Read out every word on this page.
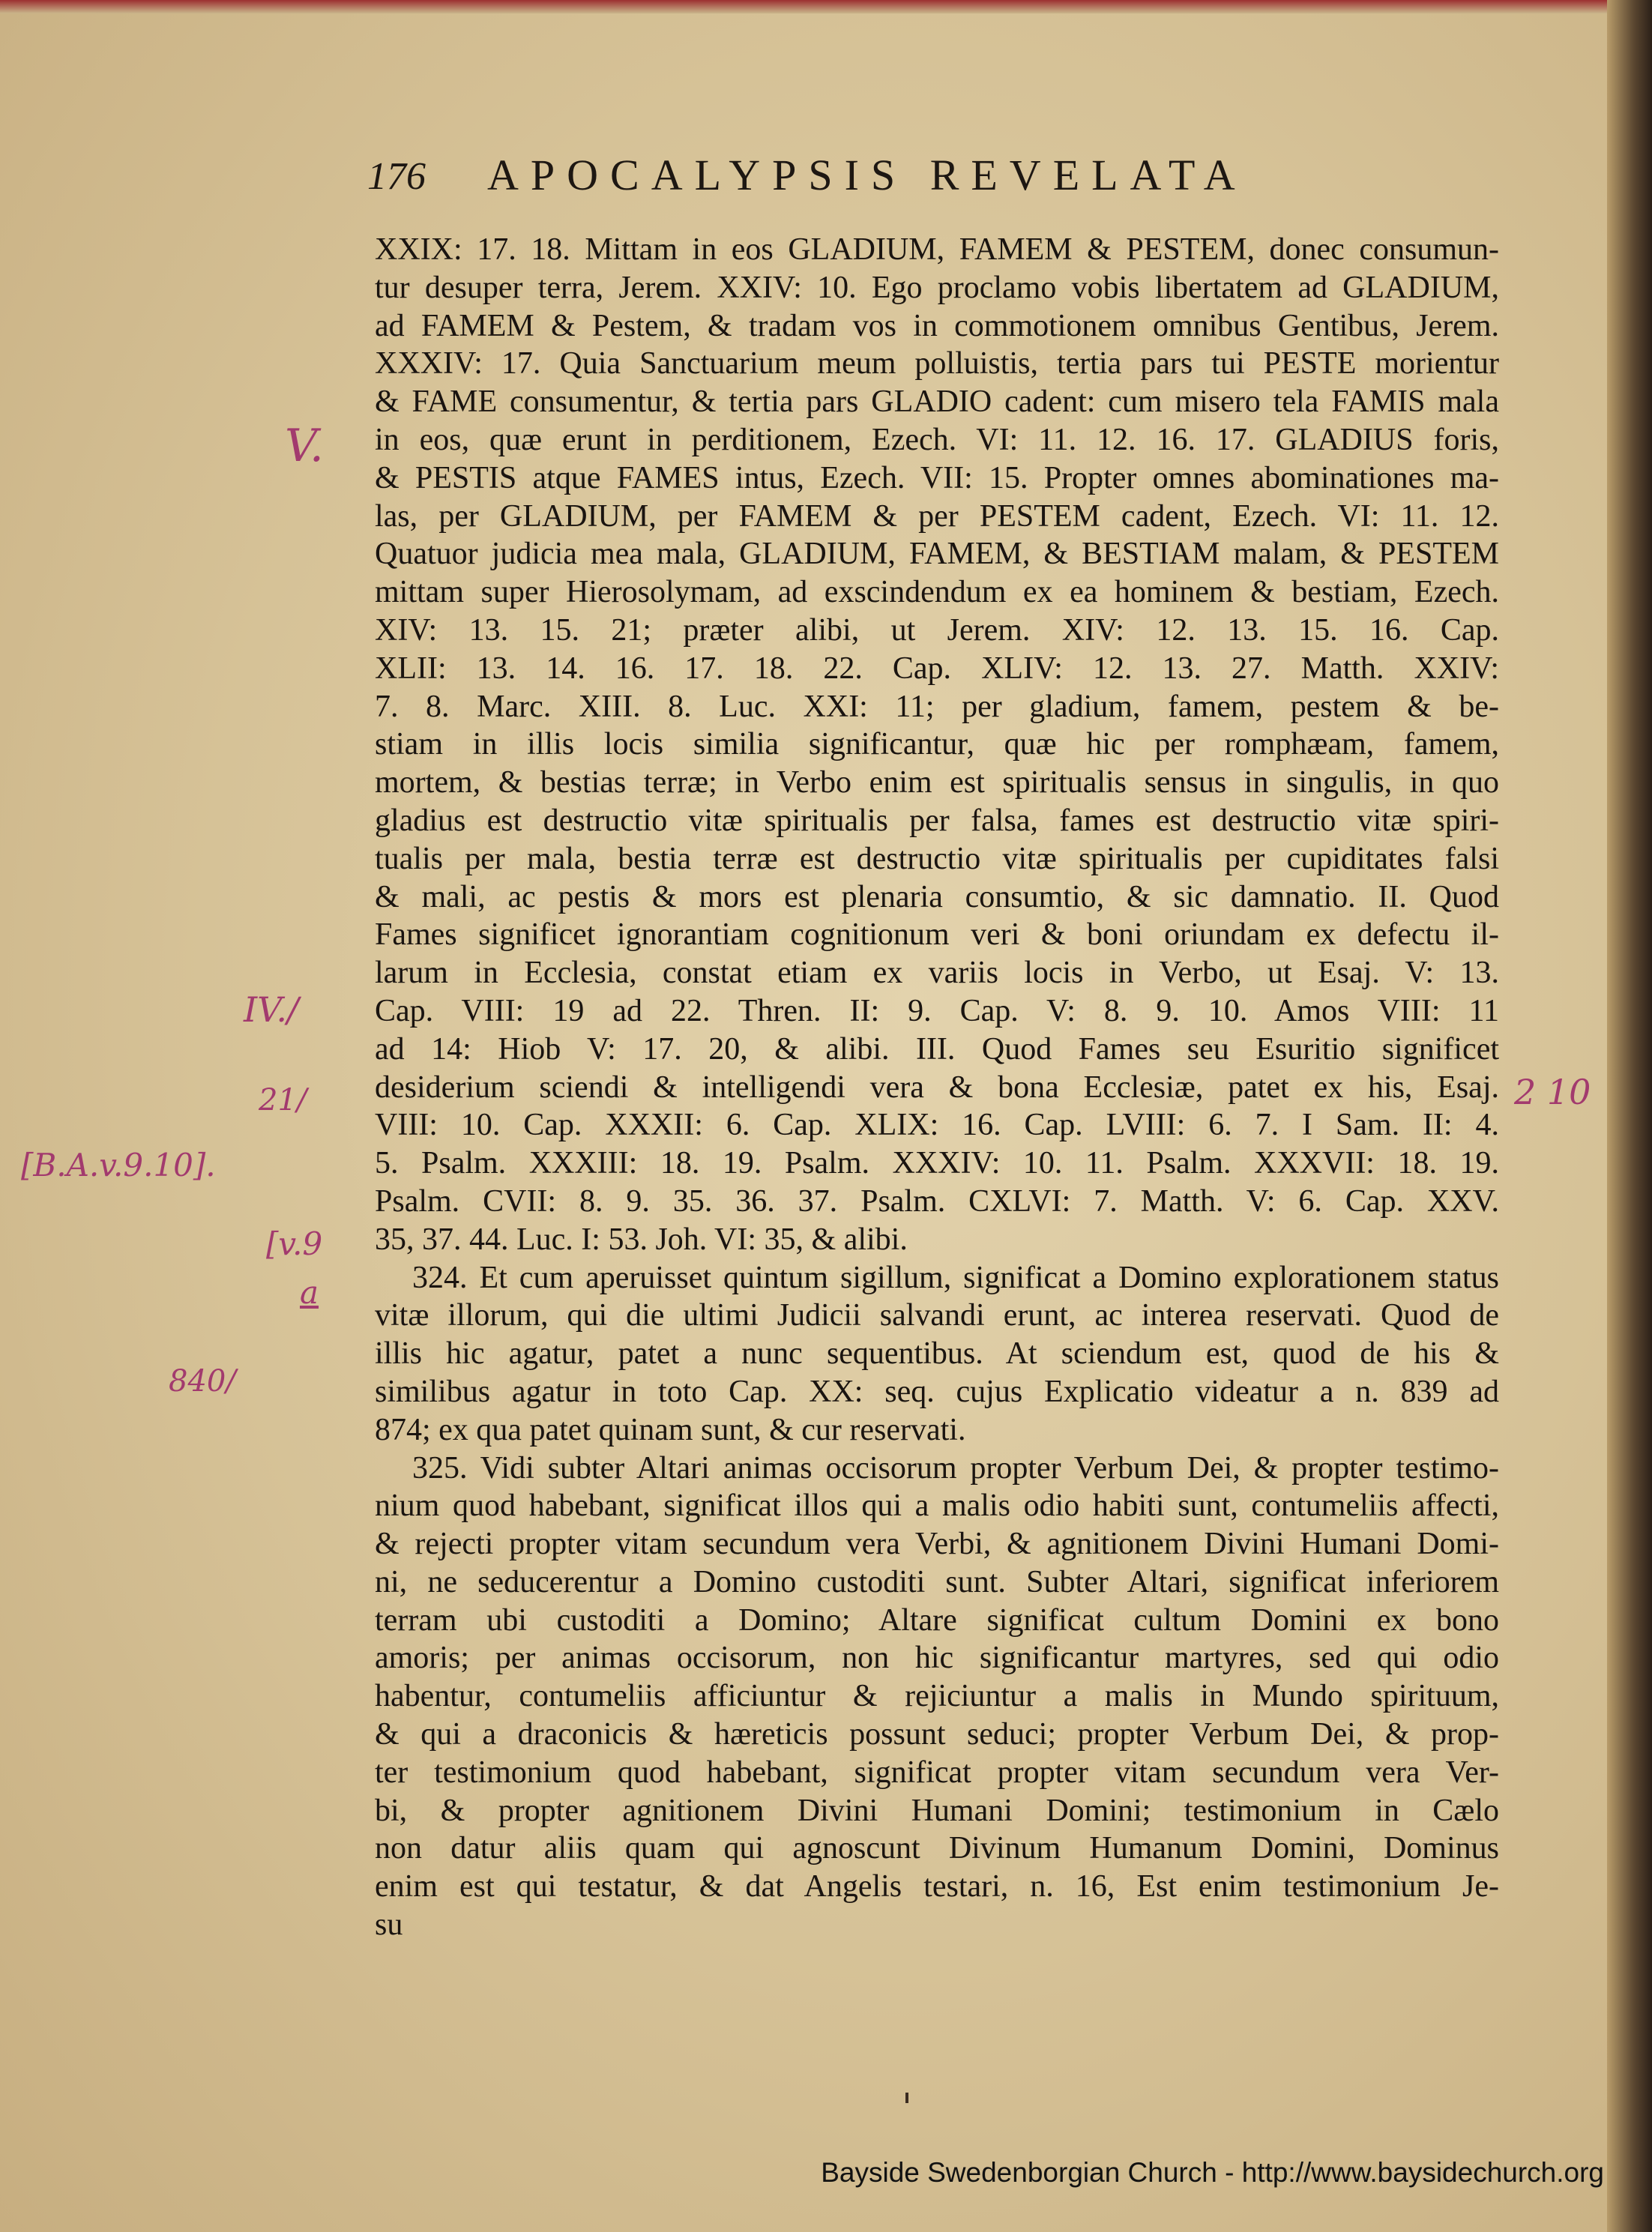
176 APOCALYPSIS REVELATA
XXIX: 17. 18. Mittam in eos GLADIUM, FAMEM & PESTEM, donec consumun-
tur desuper terra, Jerem. XXIV: 10. Ego proclamo vobis libertatem ad GLADIUM,
ad FAMEM & Pestem, & tradam vos in commotionem omnibus Gentibus, Jerem.
XXXIV: 17. Quia Sanctuarium meum polluistis, tertia pars tui PESTE morientur
& FAME consumentur, & tertia pars GLADIO cadent: cum misero tela FAMIS mala
in eos, quæ erunt in perditionem, Ezech. VI: 11. 12. 16. 17. GLADIUS foris,
& PESTIS atque FAMES intus, Ezech. VII: 15. Propter omnes abominationes ma-
las, per GLADIUM, per FAMEM & per PESTEM cadent, Ezech. VI: 11. 12.
Quatuor judicia mea mala, GLADIUM, FAMEM, & BESTIAM malam, & PESTEM
mittam super Hierosolymam, ad exscindendum ex ea hominem & bestiam, Ezech.
XIV: 13. 15. 21; præter alibi, ut Jerem. XIV: 12. 13. 15. 16. Cap.
XLII: 13. 14. 16. 17. 18. 22. Cap. XLIV: 12. 13. 27. Matth. XXIV:
7. 8. Marc. XIII. 8. Luc. XXI: 11; per gladium, famem, pestem & be-
stiam in illis locis similia significantur, quæ hic per romphæam, famem,
mortem, & bestias terræ; in Verbo enim est spiritualis sensus in singulis, in quo
gladius est destructio vitæ spiritualis per falsa, fames est destructio vitæ spiri-
tualis per mala, bestia terræ est destructio vitæ spiritualis per cupiditates falsi
& mali, ac pestis & mors est plenaria consumtio, & sic damnatio. II. Quod
Fames significet ignorantiam cognitionum veri & boni oriundam ex defectu il-
larum in Ecclesia, constat etiam ex variis locis in Verbo, ut Esaj. V: 13.
Cap. VIII: 19 ad 22. Thren. II: 9. Cap. V: 8. 9. 10. Amos VIII: 11
ad 14: Hiob V: 17. 20, & alibi. III. Quod Fames seu Esuritio significet
desiderium sciendi & intelligendi vera & bona Ecclesiæ, patet ex his, Esaj.
VIII: 10. Cap. XXXII: 6. Cap. XLIX: 16. Cap. LVIII: 6. 7. I Sam. II: 4.
5. Psalm. XXXIII: 18. 19. Psalm. XXXIV: 10. 11. Psalm. XXXVII: 18. 19.
Psalm. CVII: 8. 9. 35. 36. 37. Psalm. CXLVI: 7. Matth. V: 6. Cap. XXV.
35, 37. 44. Luc. I: 53. Joh. VI: 35, & alibi.
324. Et cum aperuisset quintum sigillum, significat a Domino explorationem status
vitæ illorum, qui die ultimi Judicii salvandi erunt, ac interea reservati. Quod de
illis hic agatur, patet a nunc sequentibus. At sciendum est, quod de his &
similibus agatur in toto Cap. XX: seq. cujus Explicatio videatur a n. 839 ad
874; ex qua patet quinam sunt, & cur reservati.
325. Vidi subter Altari animas occisorum propter Verbum Dei, & propter testimo-
nium quod habebant, significat illos qui a malis odio habiti sunt, contumeliis affecti,
& rejecti propter vitam secundum vera Verbi, & agnitionem Divini Humani Domi-
ni, ne seducerentur a Domino custoditi sunt. Subter Altari, significat inferiorem
terram ubi custoditi a Domino; Altare significat cultum Domini ex bono
amoris; per animas occisorum, non hic significantur martyres, sed qui odio
habentur, contumeliis afficiuntur & rejiciuntur a malis in Mundo spirituum,
& qui a draconicis & hæreticis possunt seduci; propter Verbum Dei, & prop-
ter testimonium quod habebant, significat propter vitam secundum vera Ver-
bi, & propter agnitionem Divini Humani Domini; testimonium in Cælo
non datur aliis quam qui agnoscunt Divinum Humanum Domini, Dominus
enim est qui testatur, & dat Angelis testari, n. 16, Est enim testimonium Je-
su
V.
IV./
21/
[B.A.v.9.10].
[v.9
a
840/
2 10
Bayside Swedenborgian Church - http://www.baysidechurch.org
